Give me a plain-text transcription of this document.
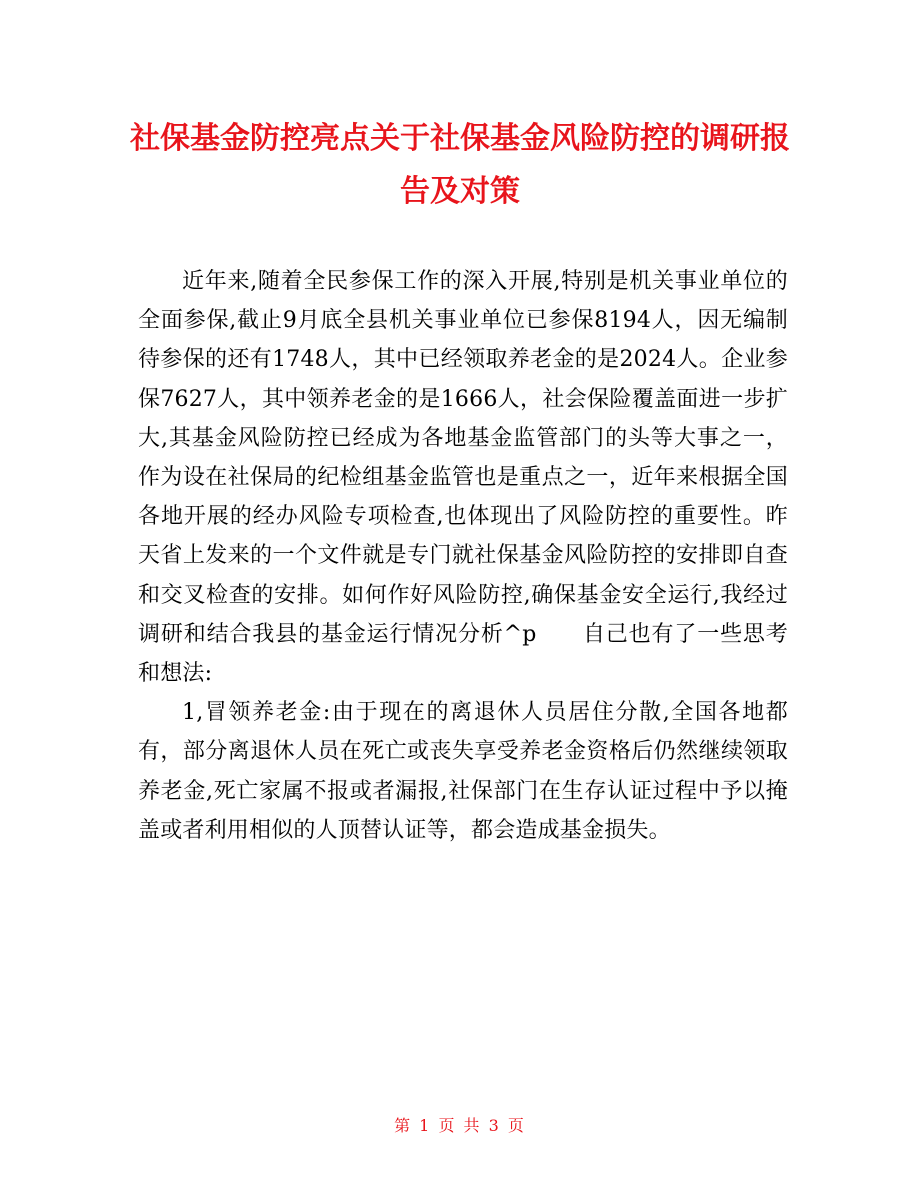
社保基金防控亮点关于社保基金风险防控的调研报告及对策

近年来,随着全民参保工作的深入开展,特别是机关事业单位的全面参保,截止9月底全县机关事业单位已参保8194人，因无编制待参保的还有1748人，其中已经领取养老金的是2024人。企业参保7627人，其中领养老金的是1666人，社会保险覆盖面进一步扩大,其基金风险防控已经成为各地基金监管部门的头等大事之一，作为设在社保局的纪检组基金监管也是重点之一，近年来根据全国各地开展的经办风险专项检查,也体现出了风险防控的重要性。昨天省上发来的一个文件就是专门就社保基金风险防控的安排即自查和交叉检查的安排。如何作好风险防控,确保基金安全运行,我经过调研和结合我县的基金运行情况分析^p　　自己也有了一些思考和想法:

1,冒领养老金:由于现在的离退休人员居住分散,全国各地都有，部分离退休人员在死亡或丧失享受养老金资格后仍然继续领取养老金,死亡家属不报或者漏报,社保部门在生存认证过程中予以掩盖或者利用相似的人顶替认证等，都会造成基金损失。

第 1 页 共 3 页
